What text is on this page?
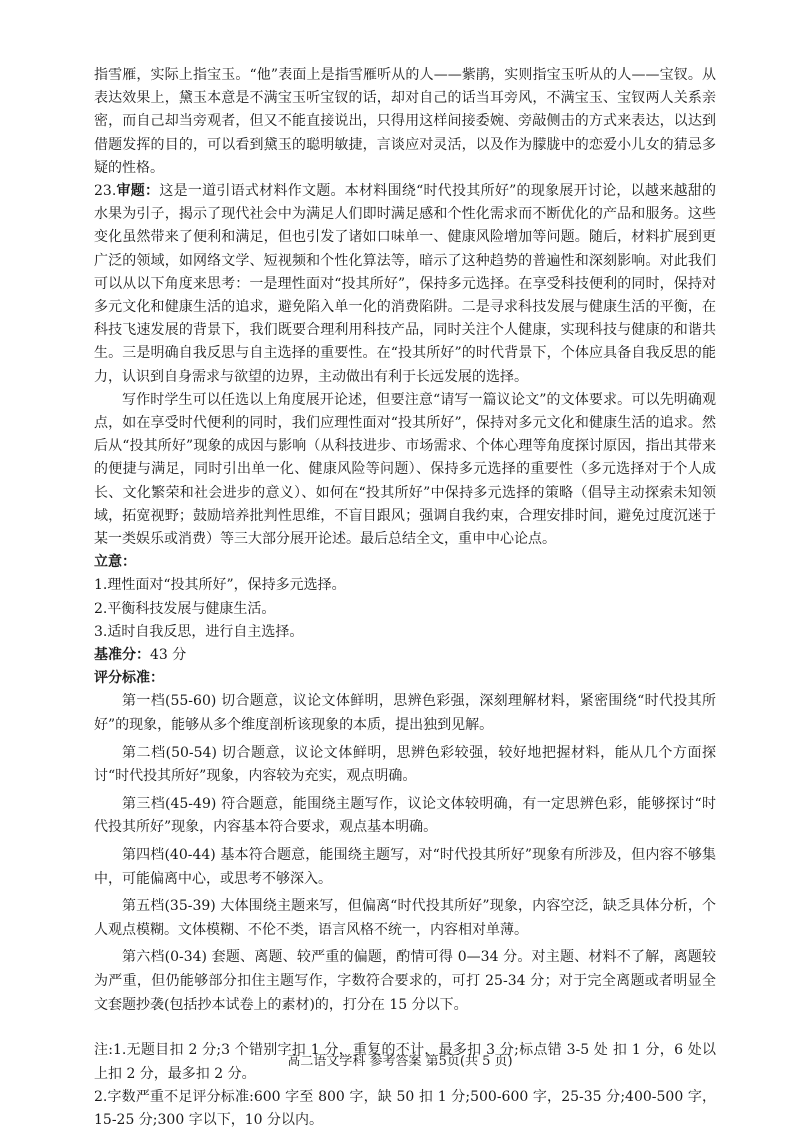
指雪雁，实际上指宝玉。“他”表面上是指雪雁听从的人——紫鹃，实则指宝玉听从的人——宝钗。从表达效果上，黛玉本意是不满宝玉听宝钗的话，却对自己的话当耳旁风，不满宝玉、宝钗两人关系亲密，而自己却当旁观者，但又不能直接说出，只得用这样间接委婉、旁敲侧击的方式来表达，以达到借题发挥的目的，可以看到黛玉的聪明敏捷，言谈应对灵活，以及作为朦胧中的恋爱小儿女的猜忌多疑的性格。

23.审题：这是一道引语式材料作文题。本材料围绕“时代投其所好”的现象展开讨论，以越来越甜的水果为引子，揭示了现代社会中为满足人们即时满足感和个性化需求而不断优化的产品和服务。这些变化虽然带来了便利和满足，但也引发了诸如口味单一、健康风险增加等问题。随后，材料扩展到更广泛的领域，如网络文学、短视频和个性化算法等，暗示了这种趋势的普遍性和深刻影响。对此我们可以从以下角度来思考：一是理性面对“投其所好”，保持多元选择。在享受科技便利的同时，保持对多元文化和健康生活的追求，避免陷入单一化的消费陷阱。二是寻求科技发展与健康生活的平衡，在科技飞速发展的背景下，我们既要合理利用科技产品，同时关注个人健康，实现科技与健康的和谐共生。三是明确自我反思与自主选择的重要性。在“投其所好”的时代背景下，个体应具备自我反思的能力，认识到自身需求与欲望的边界，主动做出有利于长远发展的选择。

写作时学生可以任选以上角度展开论述，但要注意“请写一篇议论文”的文体要求。可以先明确观点，如在享受时代便利的同时，我们应理性面对“投其所好”，保持对多元文化和健康生活的追求。然后从“投其所好”现象的成因与影响（从科技进步、市场需求、个体心理等角度探讨原因，指出其带来的便捷与满足，同时引出单一化、健康风险等问题）、保持多元选择的重要性（多元选择对于个人成长、文化繁荣和社会进步的意义）、如何在“投其所好”中保持多元选择的策略（倡导主动探索未知领域，拓宽视野；鼓励培养批判性思维，不盲目跟风；强调自我约束，合理安排时间，避免过度沉迷于某一类娱乐或消费）等三大部分展开论述。最后总结全文，重申中心论点。

立意：

1.理性面对“投其所好”，保持多元选择。

2.平衡科技发展与健康生活。

3.适时自我反思，进行自主选择。

基准分：43 分

评分标准：

第一档(55-60) 切合题意，议论文体鲜明，思辨色彩强，深刻理解材料，紧密围绕“时代投其所好”的现象，能够从多个维度剖析该现象的本质，提出独到见解。

第二档(50-54) 切合题意，议论文体鲜明，思辨色彩较强，较好地把握材料，能从几个方面探讨“时代投其所好”现象，内容较为充实，观点明确。

第三档(45-49) 符合题意，能围绕主题写作，议论文体较明确，有一定思辨色彩，能够探讨“时代投其所好”现象，内容基本符合要求，观点基本明确。

第四档(40-44) 基本符合题意，能围绕主题写，对“时代投其所好”现象有所涉及，但内容不够集中，可能偏离中心，或思考不够深入。

第五档(35-39) 大体围绕主题来写，但偏离“时代投其所好”现象，内容空泛，缺乏具体分析，个人观点模糊。文体模糊、不伦不类，语言风格不统一，内容相对单薄。

第六档(0-34) 套题、离题、较严重的偏题，酌情可得 0—34 分。对主题、材料不了解，离题较为严重，但仍能够部分扣住主题写作，字数符合要求的，可打 25-34 分；对于完全离题或者明显全文套题抄袭(包括抄本试卷上的素材)的，打分在 15 分以下。

注:1.无题目扣 2 分;3 个错别字扣 1 分，重复的不计，最多扣 3 分;标点错 3-5 处 扣 1 分，6 处以上扣 2 分，最多扣 2 分。

2.字数严重不足评分标准:600 字至 800 字，缺 50 扣 1 分;500-600 字，25-35 分;400-500 字，15-25 分;300 字以下，10 分以内。

高二语文学科 参考答案 第5页(共 5 页)
